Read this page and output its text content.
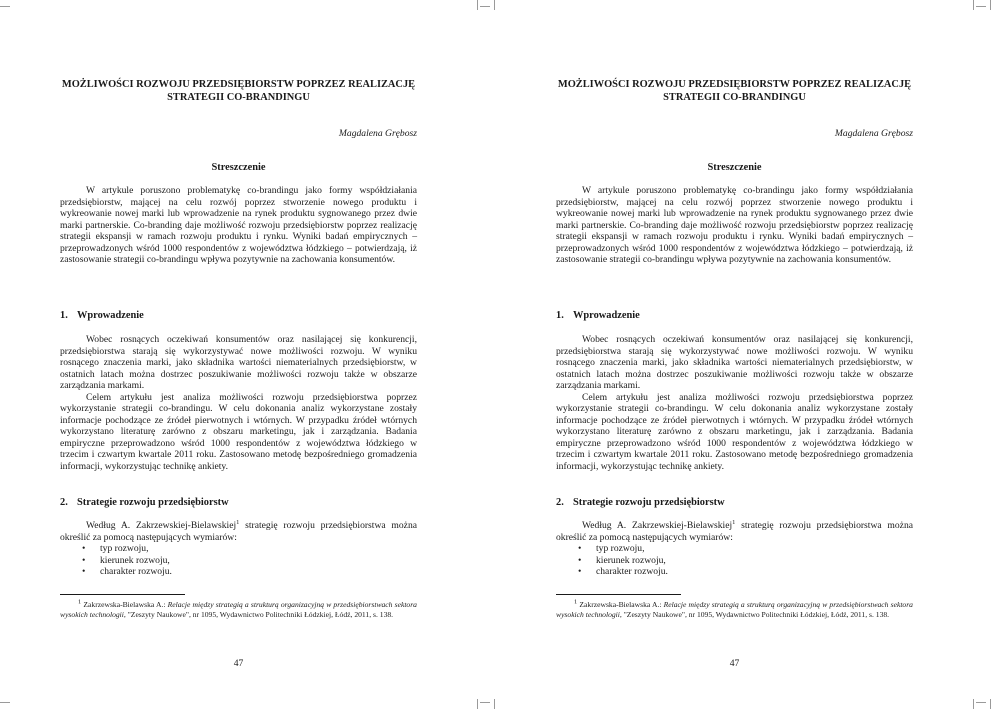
MOŻLIWOŚCI ROZWOJU PRZEDSIĘBIORSTW POPRZEZ REALIZACJĘ STRATEGII CO-BRANDINGU
Magdalena Grębosz
Streszczenie

W artykule poruszono problematykę co-brandingu jako formy współdziałania przedsiębiorstw, mającej na celu rozwój poprzez stworzenie nowego produktu i wykreowanie nowej marki lub wprowadzenie na rynek produktu sygnowanego przez dwie marki partnerskie. Co-branding daje możliwość rozwoju przedsiębiorstw poprzez realizację strategii ekspansji w ramach rozwoju produktu i rynku. Wyniki badań empirycznych – przeprowadzonych wśród 1000 respondentów z województwa łódzkiego – potwierdzają, iż zastosowanie strategii co-brandingu wpływa pozytywnie na zachowania konsumentów.

1. Wprowadzenie

Wobec rosnących oczekiwań konsumentów oraz nasilającej się konkurencji, przedsiębiorstwa starają się wykorzystywać nowe możliwości rozwoju. W wyniku rosnącego znaczenia marki, jako składnika wartości niematerialnych przedsiębiorstw, w ostatnich latach można dostrzec poszukiwanie możliwości rozwoju także w obszarze zarządzania markami.

Celem artykułu jest analiza możliwości rozwoju przedsiębiorstwa poprzez wykorzystanie strategii co-brandingu. W celu dokonania analiz wykorzystane zostały informacje pochodzące ze źródeł pierwotnych i wtórnych. W przypadku źródeł wtórnych wykorzystano literaturę zarówno z obszaru marketingu, jak i zarządzania. Badania empiryczne przeprowadzono wśród 1000 respondentów z województwa łódzkiego w trzecim i czwartym kwartale 2011 roku. Zastosowano metodę bezpośredniego gromadzenia informacji, wykorzystując technikę ankiety.

2. Strategie rozwoju przedsiębiorstw

Według A. Zakrzewskiej-Bielawskiej$^1$ strategię rozwoju przedsiębiorstwa można określić za pomocą następujących wymiarów:

• typ rozwoju,
• kierunek rozwoju,
• charakter rozwoju.

$^1$ Zakrzewska-Bielawska A.: Relacje między strategią a strukturą organizacyjną w przedsiębiorstwach sektora wysokich technologii, "Zeszyty Naukowe", nr 1095, Wydawnictwo Politechniki Łódzkiej, Łódź, 2011, s. 138.

47
MOŻLIWOŚCI ROZWOJU PRZEDSIĘBIORSTW POPRZEZ REALIZACJĘ STRATEGII CO-BRANDINGU
Magdalena Grębosz
Streszczenie

W artykule poruszono problematykę co-brandingu jako formy współdziałania przedsiębiorstw, mającej na celu rozwój poprzez stworzenie nowego produktu i wykreowanie nowej marki lub wprowadzenie na rynek produktu sygnowanego przez dwie marki partnerskie. Co-branding daje możliwość rozwoju przedsiębiorstw poprzez realizację strategii ekspansji w ramach rozwoju produktu i rynku. Wyniki badań empirycznych – przeprowadzonych wśród 1000 respondentów z województwa łódzkiego – potwierdzają, iż zastosowanie strategii co-brandingu wpływa pozytywnie na zachowania konsumentów.

1. Wprowadzenie

Wobec rosnących oczekiwań konsumentów oraz nasilającej się konkurencji, przedsiębiorstwa starają się wykorzystywać nowe możliwości rozwoju. W wyniku rosnącego znaczenia marki, jako składnika wartości niematerialnych przedsiębiorstw, w ostatnich latach można dostrzec poszukiwanie możliwości rozwoju także w obszarze zarządzania markami.

Celem artykułu jest analiza możliwości rozwoju przedsiębiorstwa poprzez wykorzystanie strategii co-brandingu. W celu dokonania analiz wykorzystane zostały informacje pochodzące ze źródeł pierwotnych i wtórnych. W przypadku źródeł wtórnych wykorzystano literaturę zarówno z obszaru marketingu, jak i zarządzania. Badania empiryczne przeprowadzono wśród 1000 respondentów z województwa łódzkiego w trzecim i czwartym kwartale 2011 roku. Zastosowano metodę bezpośredniego gromadzenia informacji, wykorzystując technikę ankiety.

2. Strategie rozwoju przedsiębiorstw

Według A. Zakrzewskiej-Bielawskiej$^1$ strategię rozwoju przedsiębiorstwa można określić za pomocą następujących wymiarów:

• typ rozwoju,
• kierunek rozwoju,
• charakter rozwoju.

$^1$ Zakrzewska-Bielawska A.: Relacje między strategią a strukturą organizacyjną w przedsiębiorstwach sektora wysokich technologii, "Zeszyty Naukowe", nr 1095, Wydawnictwo Politechniki Łódzkiej, Łódź, 2011, s. 138.

47
